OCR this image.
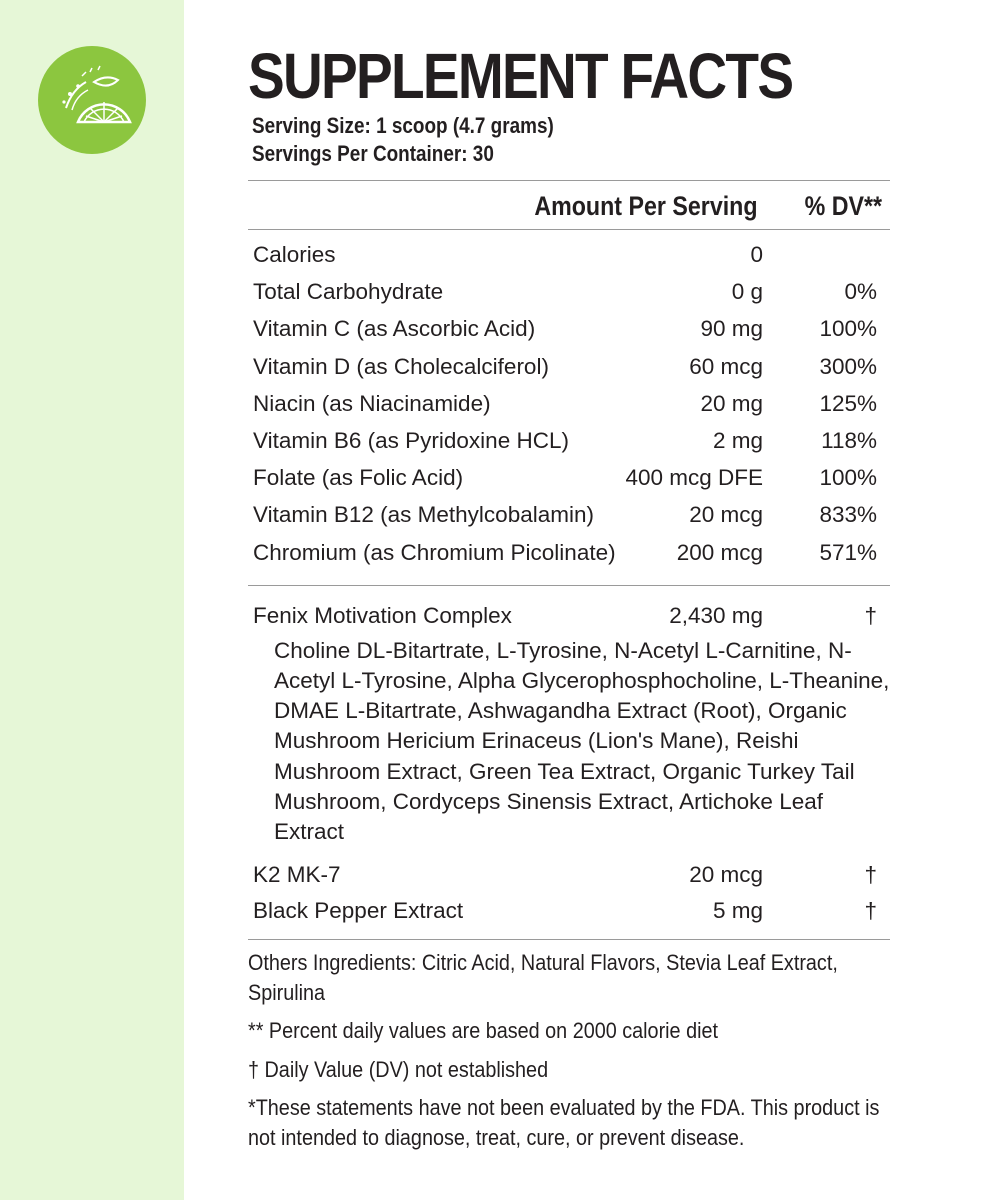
SUPPLEMENT FACTS
Serving Size: 1 scoop (4.7 grams)
Servings Per Container: 30
Amount Per Serving % DV**
Calories	0
Total Carbohydrate	0 g	0%
Vitamin C (as Ascorbic Acid)	90 mg	100%
Vitamin D (as Cholecalciferol)	60 mcg	300%
Niacin (as Niacinamide)	20 mg	125%
Vitamin B6 (as Pyridoxine HCL)	2 mg	118%
Folate (as Folic Acid)	400 mcg DFE	100%
Vitamin B12 (as Methylcobalamin)	20 mcg	833%
Chromium (as Chromium Picolinate)	200 mcg	571%
Fenix Motivation Complex	2,430 mg	†
Choline DL-Bitartrate, L-Tyrosine, N-Acetyl L-Carnitine, N-Acetyl L-Tyrosine, Alpha Glycerophosphocholine, L-Theanine, DMAE L-Bitartrate, Ashwagandha Extract (Root), Organic Mushroom Hericium Erinaceus (Lion's Mane), Reishi Mushroom Extract, Green Tea Extract, Organic Turkey Tail Mushroom, Cordyceps Sinensis Extract, Artichoke Leaf Extract
K2 MK-7	20 mcg	†
Black Pepper Extract	5 mg	†
Others Ingredients: Citric Acid, Natural Flavors, Stevia Leaf Extract, Spirulina
** Percent daily values are based on 2000 calorie diet
† Daily Value (DV) not established
*These statements have not been evaluated by the FDA. This product is not intended to diagnose, treat, cure, or prevent disease.
